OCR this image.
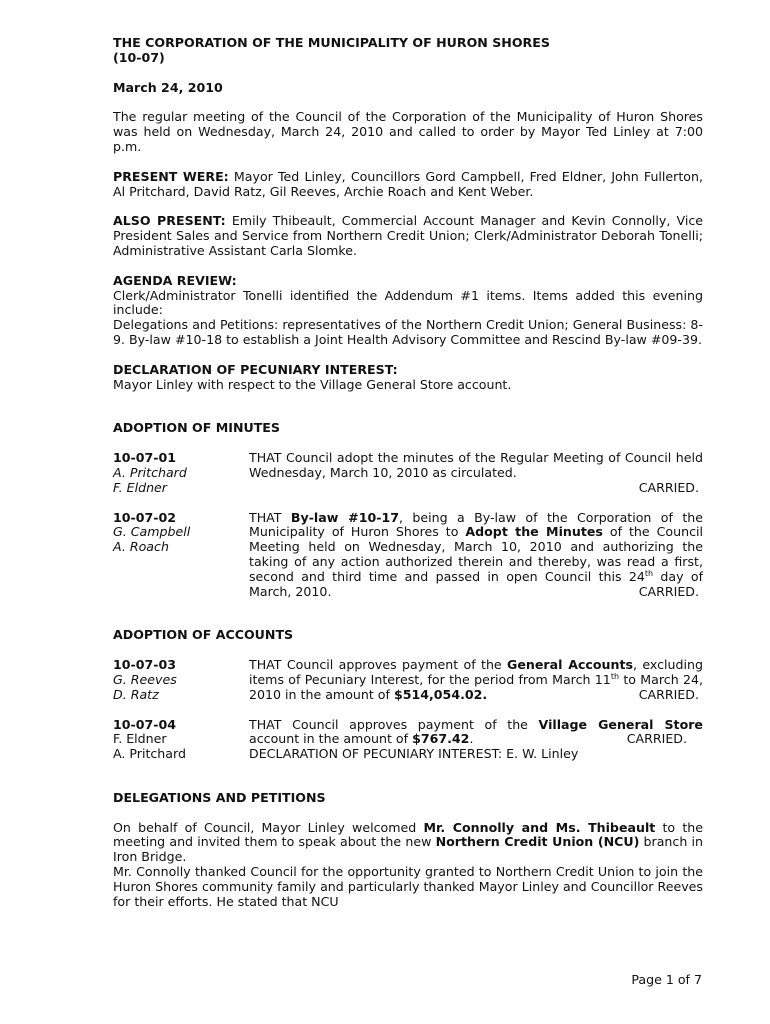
THE CORPORATION OF THE MUNICIPALITY OF HURON SHORES
(10-07)
March 24, 2010
The regular meeting of the Council of the Corporation of the Municipality of Huron Shores was held on Wednesday, March 24, 2010 and called to order by Mayor Ted Linley at 7:00 p.m.
PRESENT WERE: Mayor Ted Linley, Councillors Gord Campbell, Fred Eldner, John Fullerton, Al Pritchard, David Ratz, Gil Reeves, Archie Roach and Kent Weber.
ALSO PRESENT: Emily Thibeault, Commercial Account Manager and Kevin Connolly, Vice President Sales and Service from Northern Credit Union; Clerk/Administrator Deborah Tonelli; Administrative Assistant Carla Slomke.
AGENDA REVIEW:
Clerk/Administrator Tonelli identified the Addendum #1 items. Items added this evening include:
Delegations and Petitions: representatives of the Northern Credit Union; General Business: 8-9. By-law #10-18 to establish a Joint Health Advisory Committee and Rescind By-law #09-39.
DECLARATION OF PECUNIARY INTEREST:
Mayor Linley with respect to the Village General Store account.
ADOPTION OF MINUTES
10-07-01
A. Pritchard
F. Eldner
THAT Council adopt the minutes of the Regular Meeting of Council held Wednesday, March 10, 2010 as circulated.
CARRIED.
10-07-02
G. Campbell
A. Roach
THAT By-law #10-17, being a By-law of the Corporation of the Municipality of Huron Shores to Adopt the Minutes of the Council Meeting held on Wednesday, March 10, 2010 and authorizing the taking of any action authorized therein and thereby, was read a first, second and third time and passed in open Council this 24th day of March, 2010.	CARRIED.
ADOPTION OF ACCOUNTS
10-07-03
G. Reeves
D. Ratz
THAT Council approves payment of the General Accounts, excluding items of Pecuniary Interest, for the period from March 11th to March 24, 2010 in the amount of $514,054.02.	CARRIED.
10-07-04
F. Eldner
A. Pritchard
THAT Council approves payment of the Village General Store account in the amount of $767.42.	CARRIED.
DECLARATION OF PECUNIARY INTEREST: E. W. Linley
DELEGATIONS AND PETITIONS
On behalf of Council, Mayor Linley welcomed Mr. Connolly and Ms. Thibeault to the meeting and invited them to speak about the new Northern Credit Union (NCU) branch in Iron Bridge.
Mr. Connolly thanked Council for the opportunity granted to Northern Credit Union to join the Huron Shores community family and particularly thanked Mayor Linley and Councillor Reeves for their efforts. He stated that NCU
Page 1 of 7
